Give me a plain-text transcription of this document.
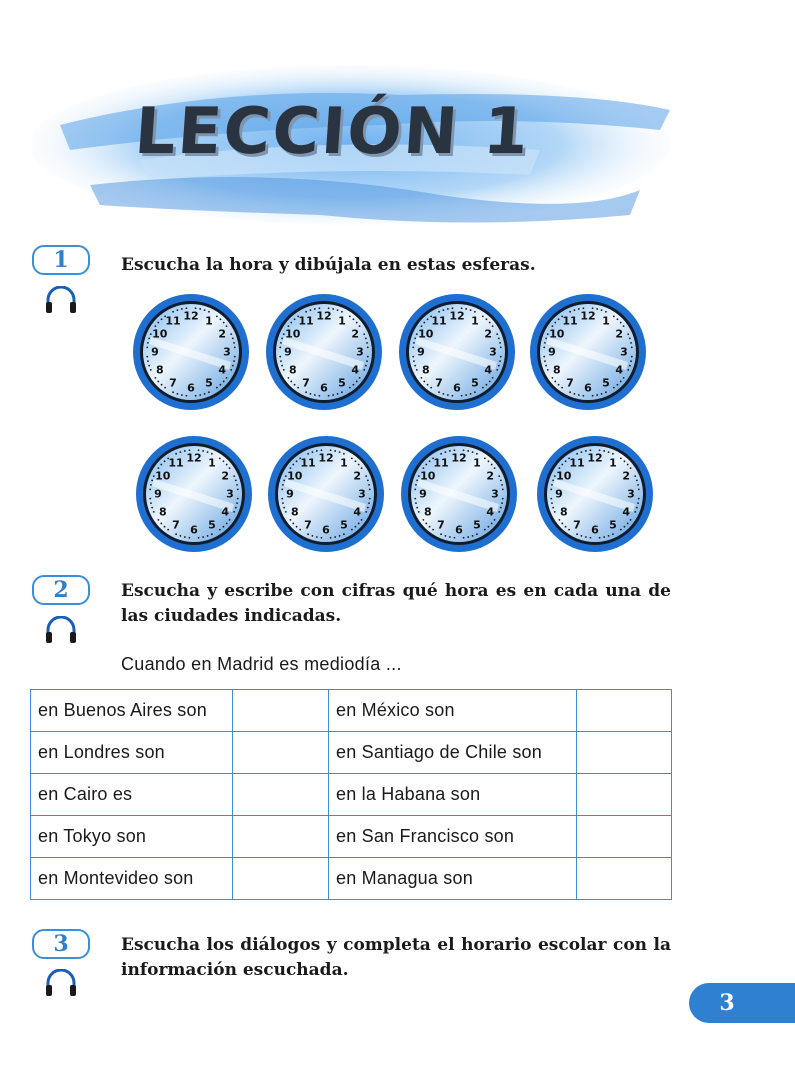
LECCIÓN 1
1	Escucha la hora y dibújala en estas esferas.
12 1
2
3
4
5
6
7
8
9
10
11	12 1
2
3
4
5
6
7
8
9
10
11	12 1
2
3
4
5
6
7
8
9
10
11	12 1
2
3
4
5
6
7
8
9
10
11
12 1
2
3
4
5
6
7
8
9
10
11	12 1
2
3
4
5
6
7
8
9
10
11	12 1
2
3
4
5
6
7
8
9
10
11	12 1
2
3
4
5
6
7
8
9
10
11
2	Escucha y escribe con cifras qué hora es en cada una de las ciudades indicadas.
Cuando en Madrid es mediodía ...
en Buenos Aires son		en México son	
en Londres son		en Santiago de Chile son	
en Cairo es		en la Habana son	
en Tokyo son		en San Francisco son	
en Montevideo son		en Managua son	
3	Escucha los diálogos y completa el horario escolar con la información escuchada.
3
